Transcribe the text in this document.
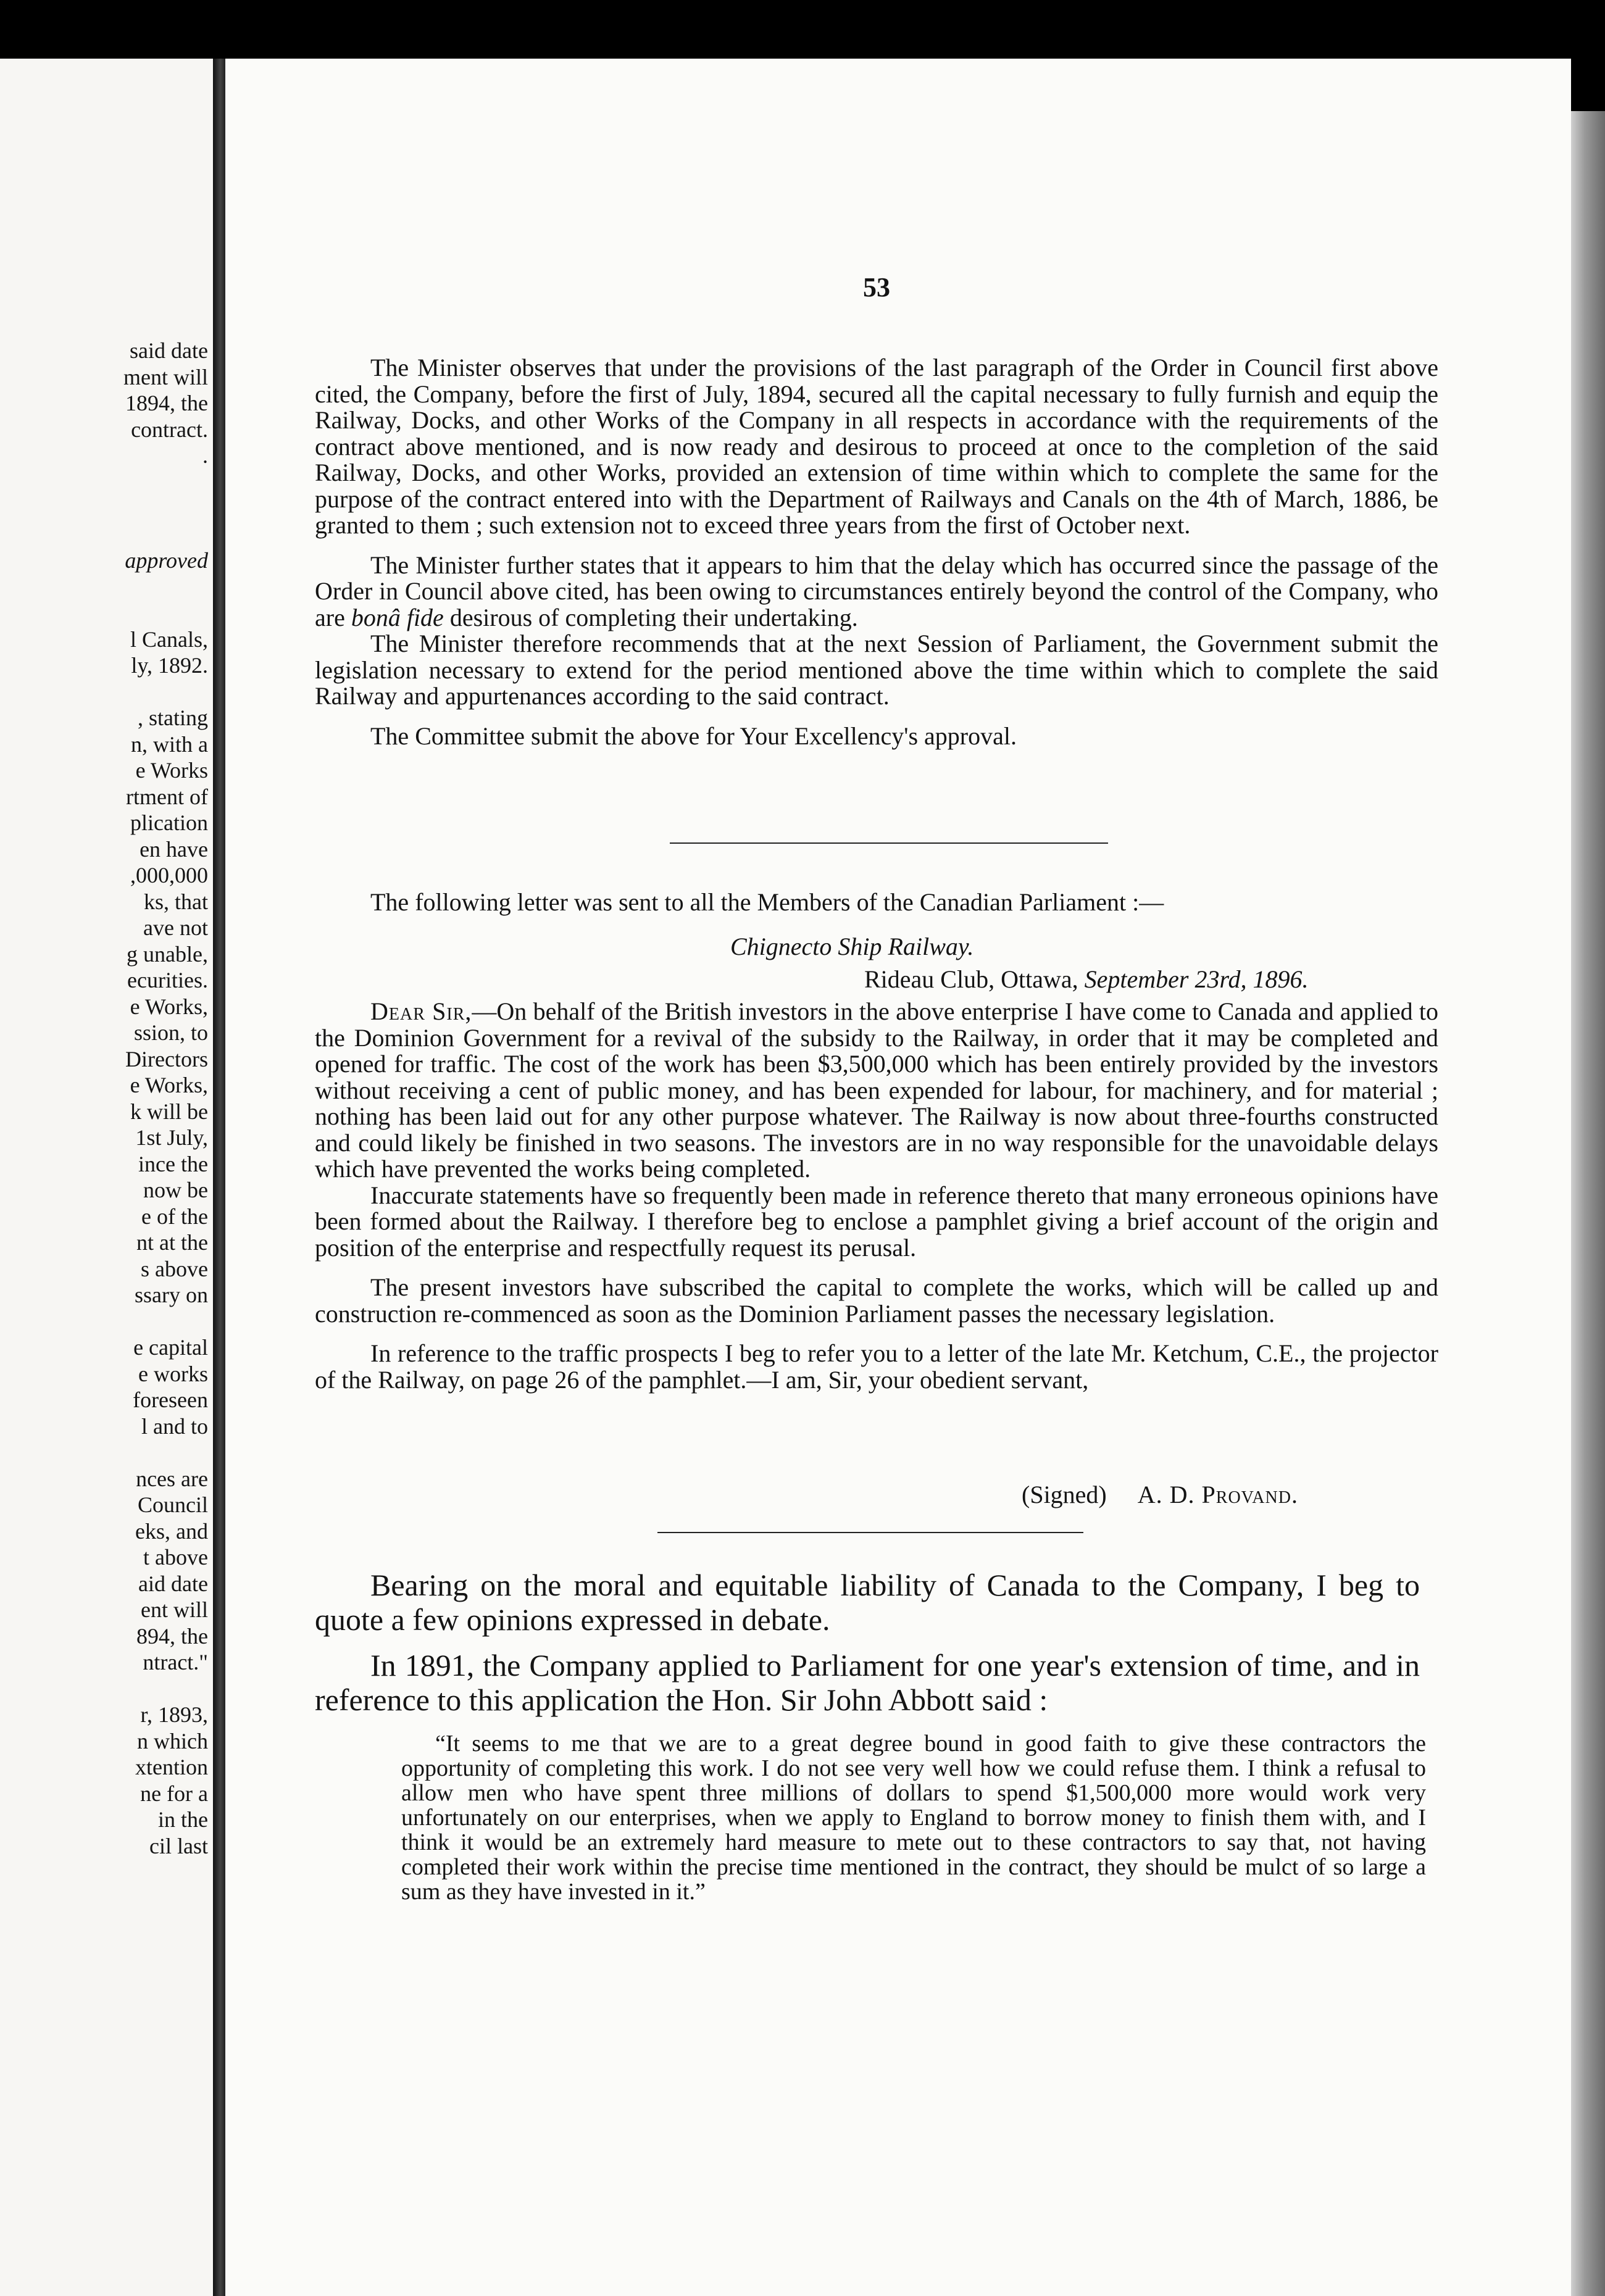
said date
ment will
1894, the
contract.
.
approved
l Canals,
ly, 1892.
, stating
n, with a
e Works
rtment of
plication
en have
,000,000
ks, that
ave not
g unable,
ecurities.
e Works,
ssion, to
Directors
e Works,
k will be
1st July,
ince the
now be
e of the
nt at the
s above
ssary on
e capital
e works
foreseen
l and to
nces are
Council
eks, and
t above
aid date
ent will
894, the
ntract."
r, 1893,
n which
xtention
ne for a
in the
cil last
53

The Minister observes that under the provisions of the last paragraph of the Order in Council first above cited, the Company, before the first of July, 1894, secured all the capital necessary to fully furnish and equip the Railway, Docks, and other Works of the Company in all respects in accordance with the requirements of the contract above mentioned, and is now ready and desirous to proceed at once to the completion of the said Railway, Docks, and other Works, provided an extension of time within which to complete the same for the purpose of the contract entered into with the Department of Railways and Canals on the 4th of March, 1886, be granted to them ; such extension not to exceed three years from the first of October next.

The Minister further states that it appears to him that the delay which has occurred since the passage of the Order in Council above cited, has been owing to circumstances entirely beyond the control of the Company, who are bonâ fide desirous of completing their undertaking.

The Minister therefore recommends that at the next Session of Parliament, the Government submit the legislation necessary to extend for the period mentioned above the time within which to complete the said Railway and appurtenances according to the said contract.

The Committee submit the above for Your Excellency's approval.

The following letter was sent to all the Members of the Canadian Parliament :—
Chignecto Ship Railway.
Rideau Club, Ottawa, September 23rd, 1896.

Dear Sir,—On behalf of the British investors in the above enterprise I have come to Canada and applied to the Dominion Government for a revival of the subsidy to the Railway, in order that it may be completed and opened for traffic. The cost of the work has been $3,500,000 which has been entirely provided by the investors without receiving a cent of public money, and has been expended for labour, for machinery, and for material ; nothing has been laid out for any other purpose whatever. The Railway is now about three-fourths constructed and could likely be finished in two seasons. The investors are in no way responsible for the unavoidable delays which have prevented the works being completed.

Inaccurate statements have so frequently been made in reference thereto that many erroneous opinions have been formed about the Railway. I therefore beg to enclose a pamphlet giving a brief account of the origin and position of the enterprise and respectfully request its perusal.

The present investors have subscribed the capital to complete the works, which will be called up and construction re-commenced as soon as the Dominion Parliament passes the necessary legislation.

In reference to the traffic prospects I beg to refer you to a letter of the late Mr. Ketchum, C.E., the projector of the Railway, on page 26 of the pamphlet.—I am, Sir, your obedient servant,

(Signed) A. D. Provand.

Bearing on the moral and equitable liability of Canada to the Company, I beg to quote a few opinions expressed in debate.

In 1891, the Company applied to Parliament for one year's extension of time, and in reference to this application the Hon. Sir John Abbott said :

“It seems to me that we are to a great degree bound in good faith to give these contractors the opportunity of completing this work. I do not see very well how we could refuse them. I think a refusal to allow men who have spent three millions of dollars to spend $1,500,000 more would work very unfortunately on our enterprises, when we apply to England to borrow money to finish them with, and I think it would be an extremely hard measure to mete out to these contractors to say that, not having completed their work within the precise time mentioned in the contract, they should be mulct of so large a sum as they have invested in it.”
